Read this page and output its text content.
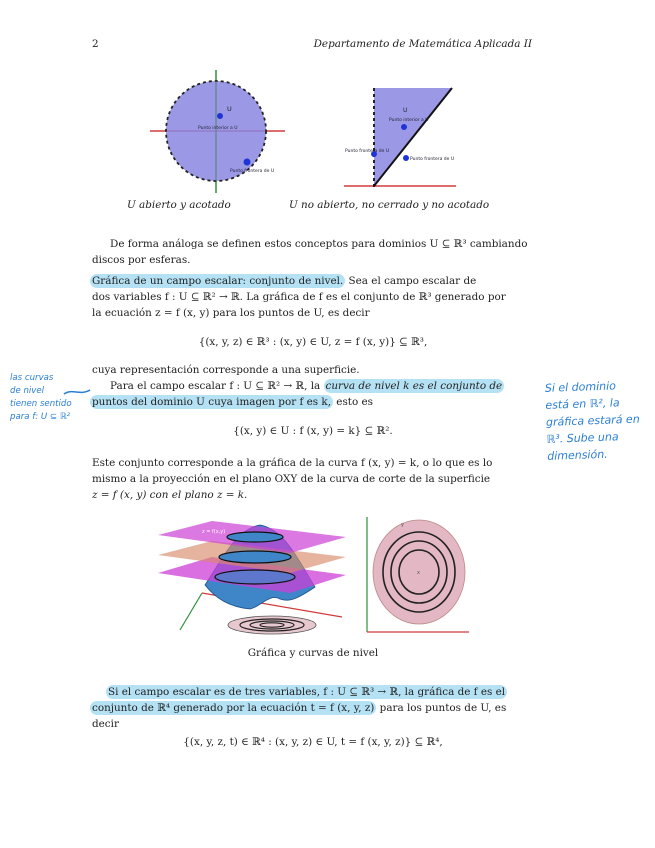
2	Departamento de Matemática Aplicada II
U
Punto interior a U
Punto frontera de U
U
Punto interior a U
Punto frontera de U
Punto frontera de U
U abierto y acotado	U no abierto, no cerrado y no acotado
De forma análoga se definen estos conceptos para dominios U ⊆ ℝ³ cambiando
discos por esferas.
Gráfica de un campo escalar: conjunto de nivel. Sea el campo escalar de
dos variables f : U ⊆ ℝ² → ℝ. La gráfica de f es el conjunto de ℝ³ generado por
la ecuación z = f (x, y) para los puntos de U, es decir
{(x, y, z) ∈ ℝ³ : (x, y) ∈ U, z = f (x, y)} ⊆ ℝ³,
cuya representación corresponde a una superficie.
Para el campo escalar f : U ⊆ ℝ² → ℝ, la curva de nivel k es el conjunto de
puntos del dominio U cuya imagen por f es k, esto es
{(x, y) ∈ U : f (x, y) = k} ⊆ ℝ².
Este conjunto corresponde a la gráfica de la curva f (x, y) = k, o lo que es lo
mismo a la proyección en el plano OXY de la curva de corte de la superficie
z = f (x, y) con el plano z = k.
z = f(x,y)
y
x
Gráfica y curvas de nivel
Si el campo escalar es de tres variables, f : U ⊆ ℝ³ → ℝ, la gráfica de f es el
conjunto de ℝ⁴ generado por la ecuación t = f (x, y, z) para los puntos de U, es
decir
{(x, y, z, t) ∈ ℝ⁴ : (x, y, z) ∈ U, t = f (x, y, z)} ⊆ ℝ⁴,
las curvas
de nivel
tienen sentido
para f: U ⊆ ℝ²
Si el dominio
está en ℝ², la
gráfica estará en
ℝ³. Sube una
dimensión.
